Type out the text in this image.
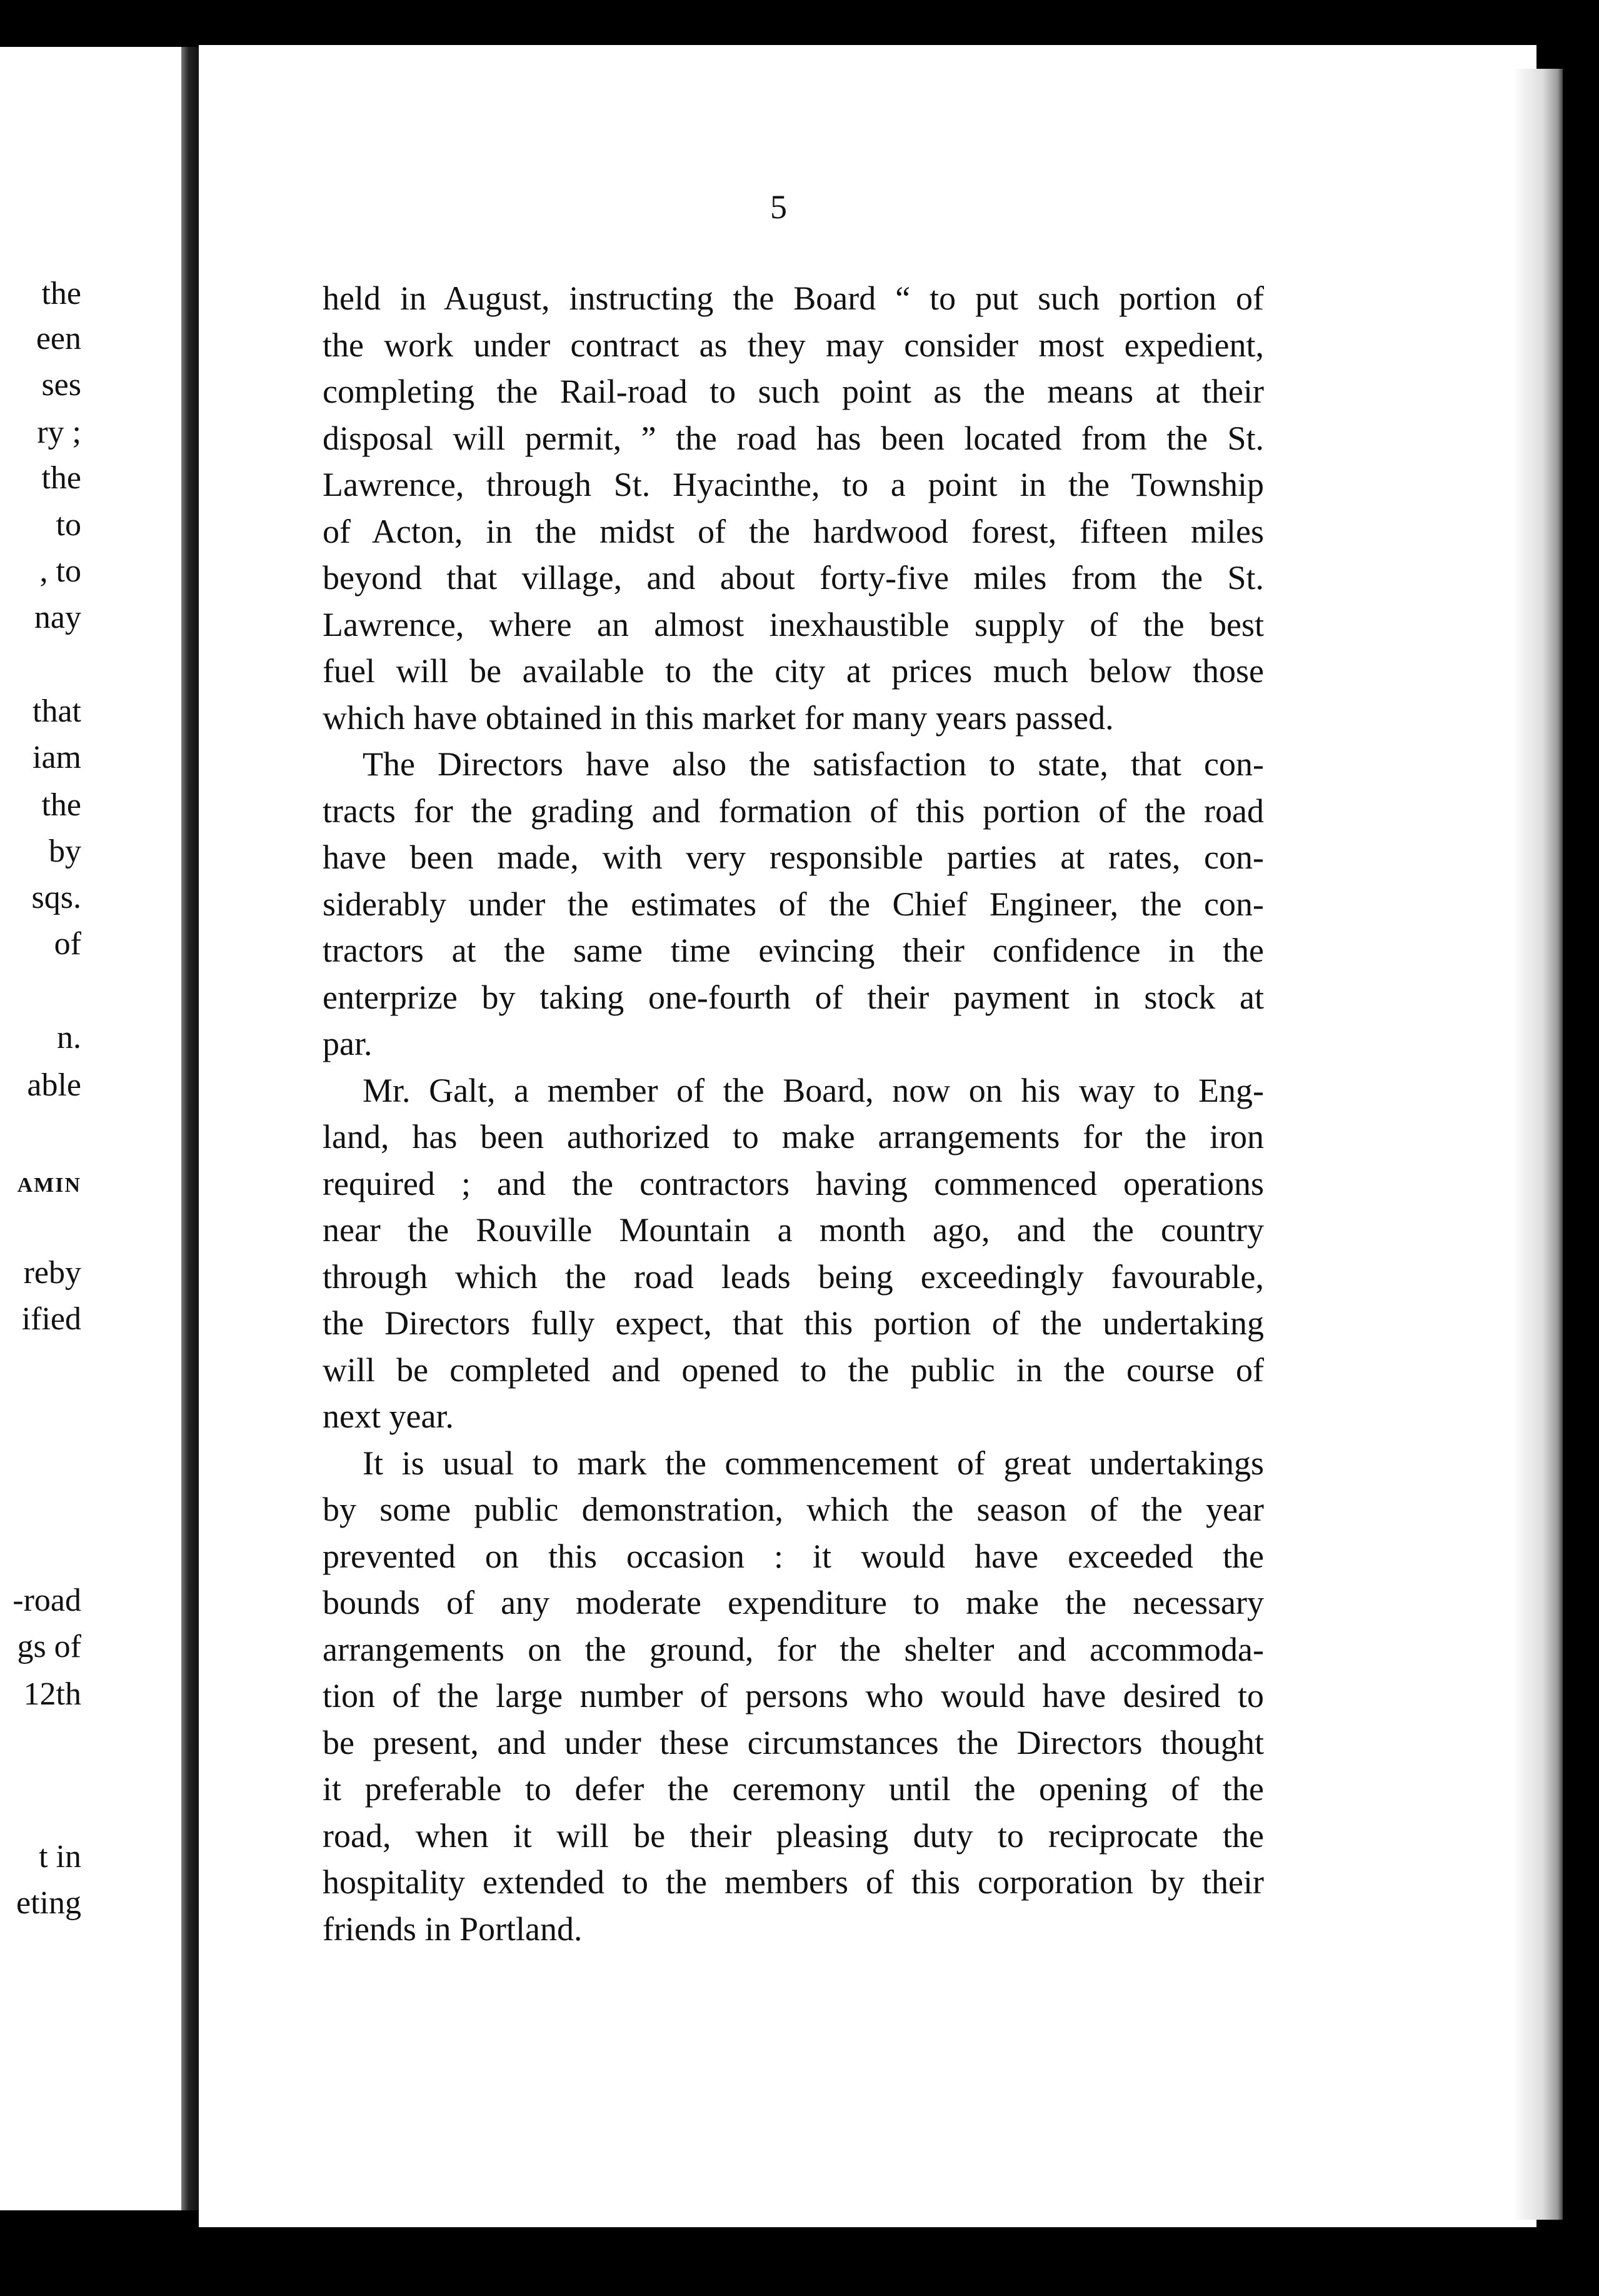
the
een
ses
ry ;
the
to
, to
nay
that
iam
the
by
sqs.
of
n.
able
AMIN
reby
ified
-road
gs of
12th
t in
eting
5
held in August, instructing the Board “ to put such portion of
the work under contract as they may consider most expedient,
completing the Rail-road to such point as the means at their
disposal will permit, ” the road has been located from the St.
Lawrence, through St. Hyacinthe, to a point in the Township
of Acton, in the midst of the hardwood forest, fifteen miles
beyond that village, and about forty-five miles from the St.
Lawrence, where an almost inexhaustible supply of the best
fuel will be available to the city at prices much below those
which have obtained in this market for many years passed.
The Directors have also the satisfaction to state, that con-
tracts for the grading and formation of this portion of the road
have been made, with very responsible parties at rates, con-
siderably under the estimates of the Chief Engineer, the con-
tractors at the same time evincing their confidence in the
enterprize by taking one-fourth of their payment in stock at
par.
Mr. Galt, a member of the Board, now on his way to Eng-
land, has been authorized to make arrangements for the iron
required ; and the contractors having commenced operations
near the Rouville Mountain a month ago, and the country
through which the road leads being exceedingly favourable,
the Directors fully expect, that this portion of the undertaking
will be completed and opened to the public in the course of
next year.
It is usual to mark the commencement of great undertakings
by some public demonstration, which the season of the year
prevented on this occasion : it would have exceeded the
bounds of any moderate expenditure to make the necessary
arrangements on the ground, for the shelter and accommoda-
tion of the large number of persons who would have desired to
be present, and under these circumstances the Directors thought
it preferable to defer the ceremony until the opening of the
road, when it will be their pleasing duty to reciprocate the
hospitality extended to the members of this corporation by their
friends in Portland.
